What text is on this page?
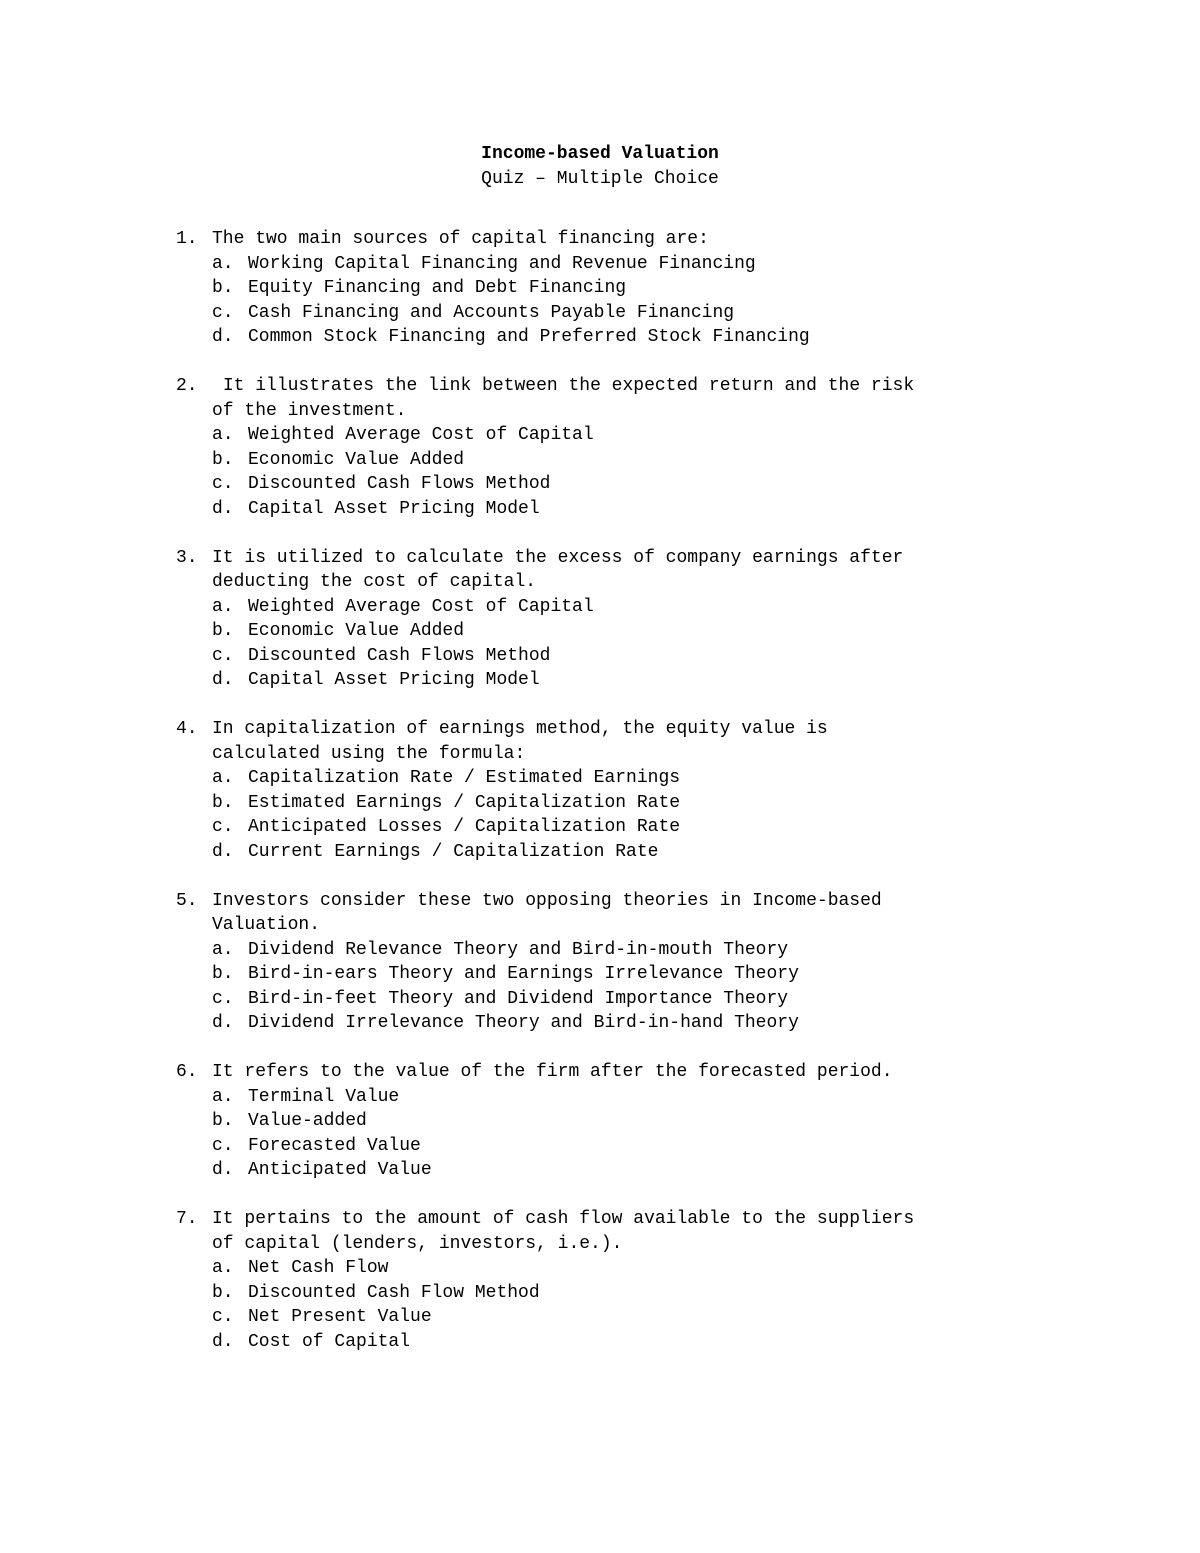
Income-based Valuation
Quiz – Multiple Choice
1. The two main sources of capital financing are:
a. Working Capital Financing and Revenue Financing
b. Equity Financing and Debt Financing
c. Cash Financing and Accounts Payable Financing
d. Common Stock Financing and Preferred Stock Financing
2. It illustrates the link between the expected return and the risk
of the investment.
a. Weighted Average Cost of Capital
b. Economic Value Added
c. Discounted Cash Flows Method
d. Capital Asset Pricing Model
3. It is utilized to calculate the excess of company earnings after
deducting the cost of capital.
a. Weighted Average Cost of Capital
b. Economic Value Added
c. Discounted Cash Flows Method
d. Capital Asset Pricing Model
4. In capitalization of earnings method, the equity value is
calculated using the formula:
a. Capitalization Rate / Estimated Earnings
b. Estimated Earnings / Capitalization Rate
c. Anticipated Losses / Capitalization Rate
d. Current Earnings / Capitalization Rate
5. Investors consider these two opposing theories in Income-based
Valuation.
a. Dividend Relevance Theory and Bird-in-mouth Theory
b. Bird-in-ears Theory and Earnings Irrelevance Theory
c. Bird-in-feet Theory and Dividend Importance Theory
d. Dividend Irrelevance Theory and Bird-in-hand Theory
6. It refers to the value of the firm after the forecasted period.
a. Terminal Value
b. Value-added
c. Forecasted Value
d. Anticipated Value
7. It pertains to the amount of cash flow available to the suppliers
of capital (lenders, investors, i.e.).
a. Net Cash Flow
b. Discounted Cash Flow Method
c. Net Present Value
d. Cost of Capital
